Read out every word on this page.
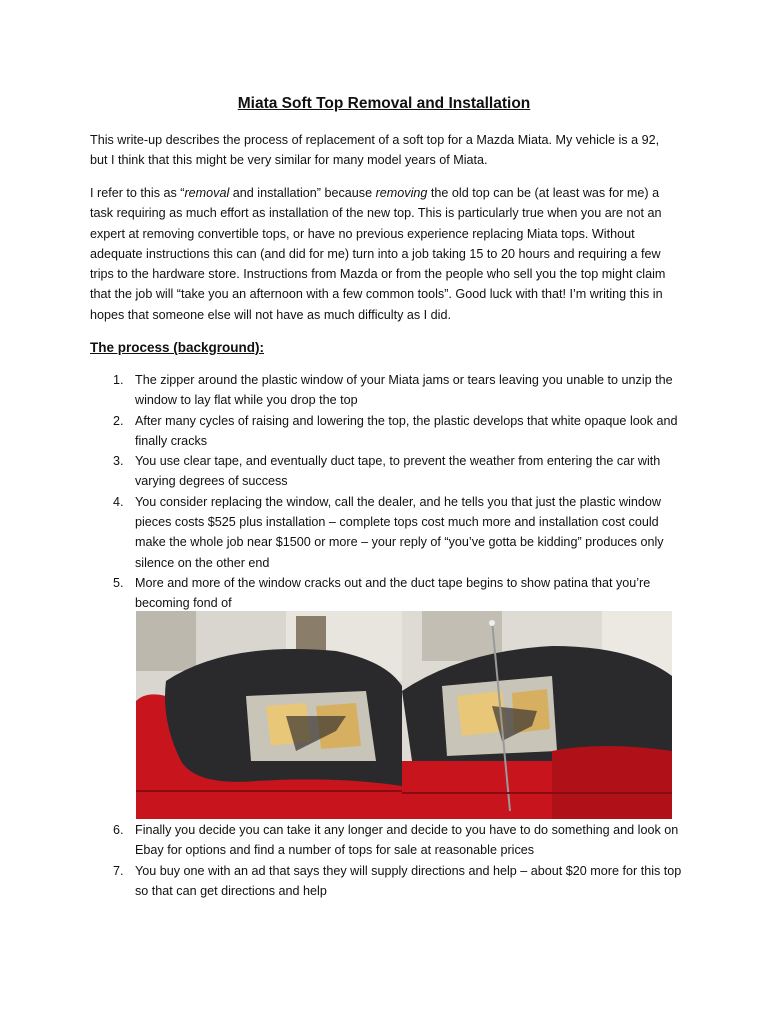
Miata Soft Top Removal and Installation

This write-up describes the process of replacement of a soft top for a Mazda Miata. My vehicle is a 92, but I think that this might be very similar for many model years of Miata.

I refer to this as “removal and installation” because removing the old top can be (at least was for me) a task requiring as much effort as installation of the new top. This is particularly true when you are not an expert at removing convertible tops, or have no previous experience replacing Miata tops. Without adequate instructions this can (and did for me) turn into a job taking 15 to 20 hours and requiring a few trips to the hardware store. Instructions from Mazda or from the people who sell you the top might claim that the job will “take you an afternoon with a few common tools”. Good luck with that! I’m writing this in hopes that someone else will not have as much difficulty as I did.

The process (background):
1. The zipper around the plastic window of your Miata jams or tears leaving you unable to unzip the window to lay flat while you drop the top
2. After many cycles of raising and lowering the top, the plastic develops that white opaque look and finally cracks
3. You use clear tape, and eventually duct tape, to prevent the weather from entering the car with varying degrees of success
4. You consider replacing the window, call the dealer, and he tells you that just the plastic window pieces costs $525 plus installation – complete tops cost much more and installation cost could make the whole job near $1500 or more – your reply of “you’ve gotta be kidding” produces only silence on the other end
5. More and more of the window cracks out and the duct tape begins to show patina that you’re becoming fond of
6. Finally you decide you can take it any longer and decide to you have to do something and look on Ebay for options and find a number of tops for sale at reasonable prices
7. You buy one with an ad that says they will supply directions and help – about $20 more for this top so that can get directions and help
